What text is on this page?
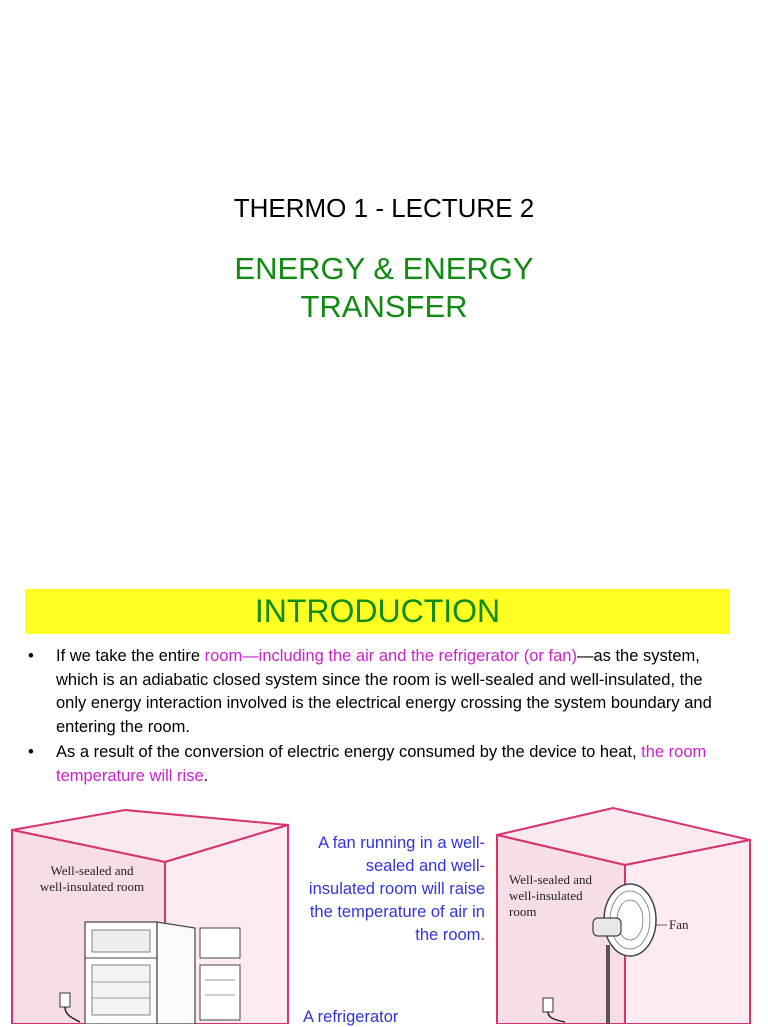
THERMO 1 - LECTURE 2
ENERGY & ENERGY
TRANSFER
INTRODUCTION
•	If we take the entire room—including the air and the refrigerator (or fan)—as the system, which is an adiabatic closed system since the room is well-sealed and well-insulated, the only energy interaction involved is the electrical energy crossing the system boundary and entering the room.
•	As a result of the conversion of electric energy consumed by the device to heat, the room temperature will rise.
Well-sealed and
well-insulated room
A fan running in a well-sealed and well-insulated room will raise the temperature of air in the room.
A refrigerator
Well-sealed and
well-insulated
room
Fan
